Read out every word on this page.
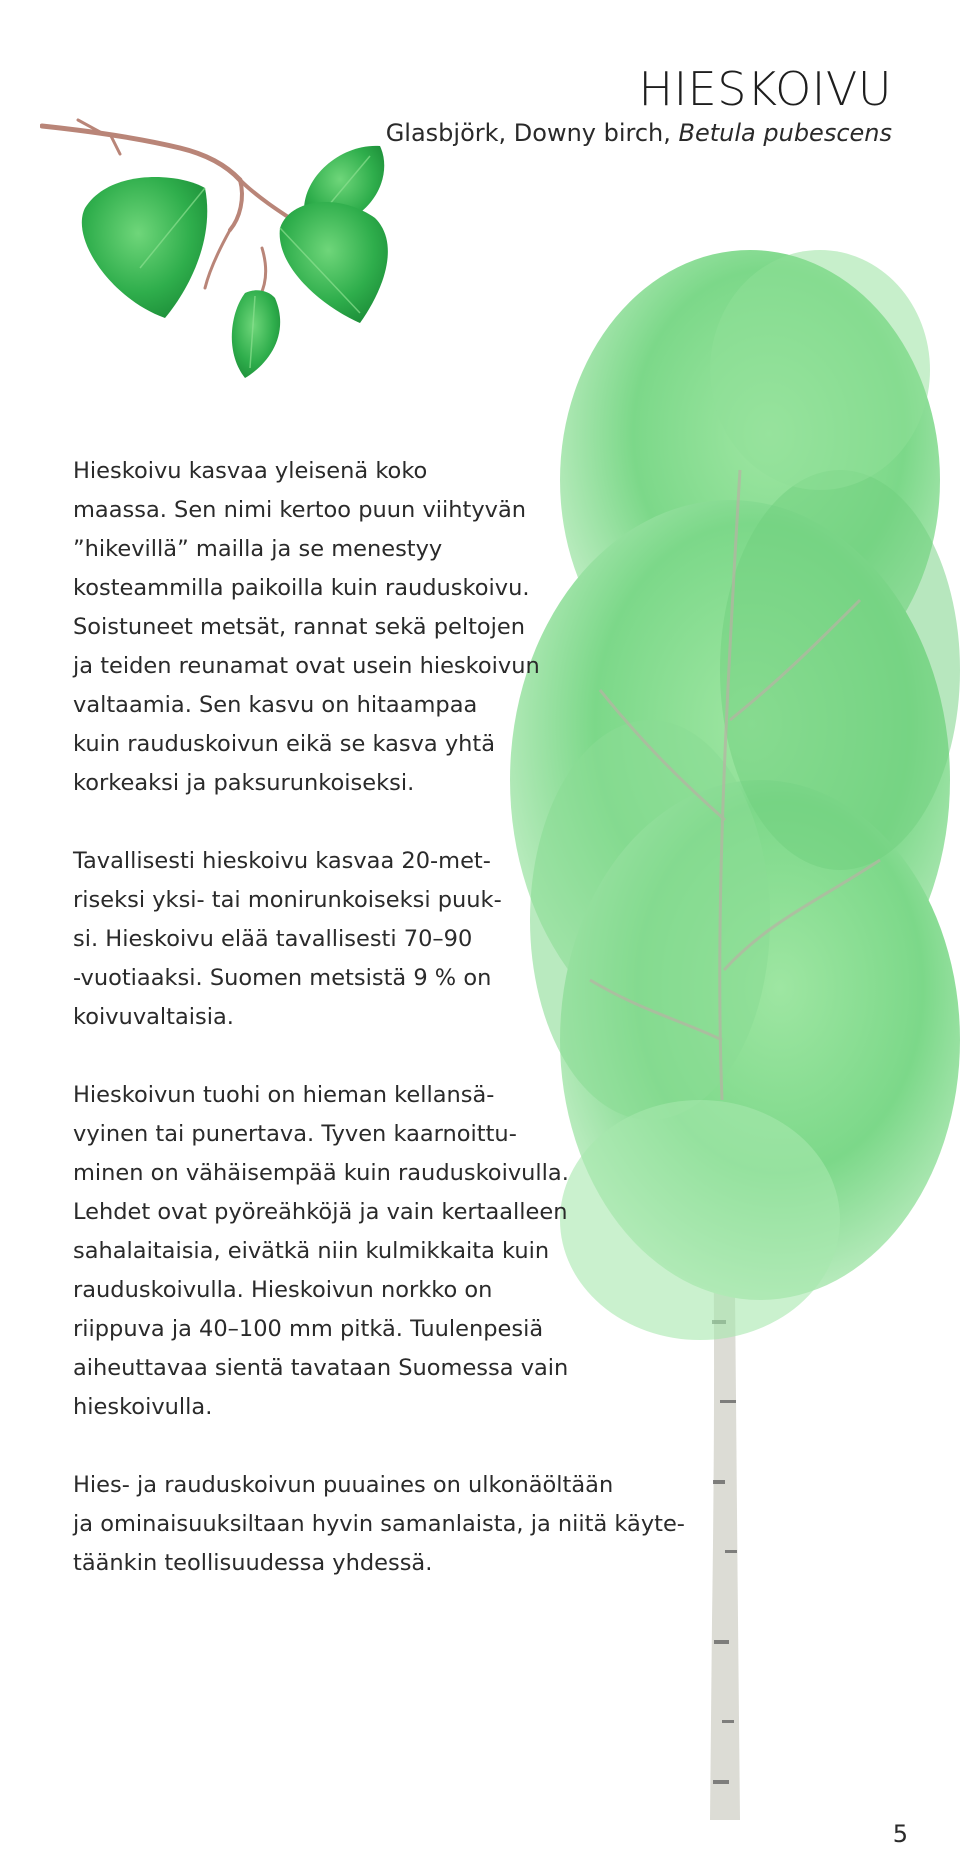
HIESKOIVU
Glasbjörk, Downy birch, Betula pubescens

Hieskoivu kasvaa yleisenä koko
maassa. Sen nimi kertoo puun viihtyvän
”hikevillä” mailla ja se menestyy
kosteammilla paikoilla kuin rauduskoivu.
Soistuneet metsät, rannat sekä peltojen
ja teiden reunamat ovat usein hieskoivun
valtaamia. Sen kasvu on hitaampaa
kuin rauduskoivun eikä se kasva yhtä
korkeaksi ja paksurunkoiseksi.

Tavallisesti hieskoivu kasvaa 20-met-
riseksi yksi- tai monirunkoiseksi puuk-
si. Hieskoivu elää tavallisesti 70–90
-vuotiaaksi. Suomen metsistä 9 % on
koivuvaltaisia.

Hieskoivun tuohi on hieman kellansä-
vyinen tai punertava. Tyven kaarnoittu-
minen on vähäisempää kuin rauduskoivulla.
Lehdet ovat pyöreähköjä ja vain kertaalleen
sahalaitaisia, eivätkä niin kulmikkaita kuin
rauduskoivulla. Hieskoivun norkko on
riippuva ja 40–100 mm pitkä. Tuulenpesiä
aiheuttavaa sientä tavataan Suomessa vain
hieskoivulla.

Hies- ja rauduskoivun puuaines on ulkonäöltään
ja ominaisuuksiltaan hyvin samanlaista, ja niitä käyte-
täänkin teollisuudessa yhdessä.

5
